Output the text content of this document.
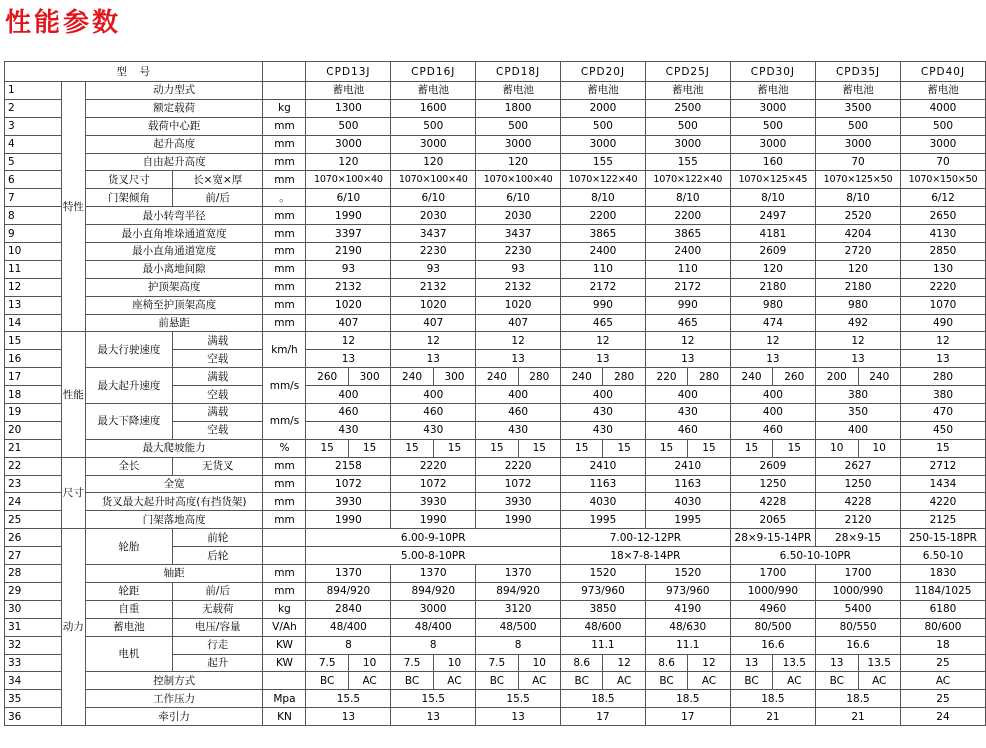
性能参数
型　号					CPD13J		CPD16J		CPD18J		CPD20J		CPD25J		CPD30J		CPD35J		CPD40J
1	特性	动力型式			蓄电池		蓄电池		蓄电池		蓄电池		蓄电池		蓄电池		蓄电池		蓄电池
2		额定载荷		kg	1300		1600		1800		2000		2500		3000		3500		4000
3		载荷中心距		mm	500		500		500		500		500		500		500		500
4		起升高度		mm	3000		3000		3000		3000		3000		3000		3000		3000
5		自由起升高度		mm	120		120		120		155		155		160		70		70
6		货叉尺寸	长×宽×厚	mm	1070×100×40		1070×100×40		1070×100×40		1070×122×40		1070×122×40		1070×125×45		1070×125×50		1070×150×50
7		门架倾角	前/后	。	6/10		6/10		6/10		8/10		8/10		8/10		8/10		6/12
8		最小转弯半径		mm	1990		2030		2030		2200		2200		2497		2520		2650
9		最小直角堆垛通道宽度		mm	3397		3437		3437		3865		3865		4181		4204		4130
10		最小直角通道宽度		mm	2190		2230		2230		2400		2400		2609		2720		2850
11		最小离地间隙		mm	93		93		93		110		110		120		120		130
12		护顶架高度		mm	2132		2132		2132		2172		2172		2180		2180		2220
13		座椅至护顶架高度		mm	1020		1020		1020		990		990		980		980		1070
14		前悬距		mm	407		407		407		465		465		474		492		490
15	性能	最大行驶速度	满载	km/h	12		12		12		12		12		12		12		12
16			空载		13		13		13		13		13		13		13		13
17		最大起升速度	满载	mm/s	260	300	240	300	240	280	240	280	220	280	240	260	200	240	280
18			空载		400		400		400		400		400		400		380		380
19		最大下降速度	满载	mm/s	460		460		460		430		430		400		350		470
20			空载		430		430		430		430		460		460		400		450
21		最大爬坡能力		%	15	15	15	15	15	15	15	15	15	15	15	15	10	10	15
22	尺寸	全长	无货叉	mm	2158		2220		2220		2410		2410		2609		2627		2712
23		全宽		mm	1072		1072		1072		1163		1163		1250		1250		1434
24		货叉最大起升时高度(有挡货架)		mm	3930		3930		3930		4030		4030		4228		4228		4220
25		门架落地高度		mm	1990		1990		1990		1995		1995		2065		2120		2125
26	动力	轮胎	前轮		6.00-9-10PR						7.00-12-12PR				28×9-15-14PR		28×9-15		250-15-18PR
27			后轮		5.00-8-10PR						18×7-8-14PR				6.50-10-10PR				6.50-10
28		轴距		mm	1370		1370		1370		1520		1520		1700		1700		1830
29		轮距	前/后	mm	894/920		894/920		894/920		973/960		973/960		1000/990		1000/990		1184/1025
30		自重	无载荷	kg	2840		3000		3120		3850		4190		4960		5400		6180
31		蓄电池	电压/容量	V/Ah	48/400		48/400		48/500		48/600		48/630		80/500		80/550		80/600
32		电机	行走	KW	8		8		8		11.1		11.1		16.6		16.6		18
33			起升	KW	7.5	10	7.5	10	7.5	10	8.6	12	8.6	12	13	13.5	13	13.5	25
34		控制方式			BC	AC	BC	AC	BC	AC	BC	AC	BC	AC	BC	AC	BC	AC	AC
35		工作压力		Mpa	15.5		15.5		15.5		18.5		18.5		18.5		18.5		25
36		牵引力		KN	13		13		13		17		17		21		21		24
